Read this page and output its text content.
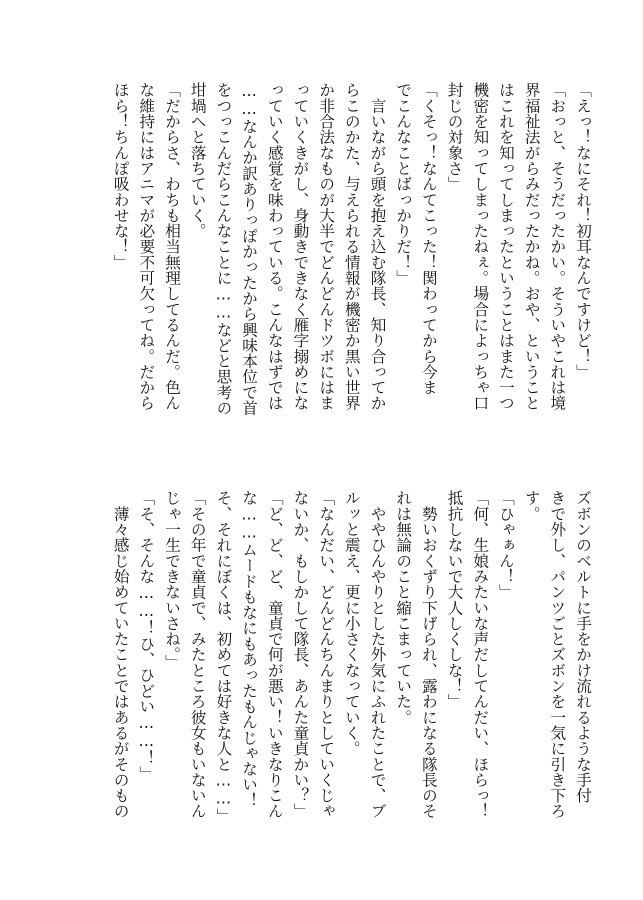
「えっ！なにそれ！初耳なんですけど！」
「おっと、そうだったかい。そういやこれは境
界福祉法がらみだったかね。おや、ということ
はこれを知ってしまったということはまた一つ
機密を知ってしまったねぇ。場合によっちゃ口
封じの対象さ」
「くそっ！なんてこった！関わってから今ま
でこんなことばっかりだ！」
　言いながら頭を抱え込む隊長、知り合ってか
らこのかた、与えられる情報が機密か黒い世界
か非合法なものが大半でどんどんドツボにはま
っていくきがし、身動きできなく雁字搦めにな
っていく感覚を味わっている。こんなはずでは
……なんか訳ありっぽかったから興味本位で首
をつっこんだらこんなことに……などと思考の
坩堝へと落ちていく。
「だからさ、わちも相当無理してるんだ。色ん
な維持にはアニマが必要不可欠ってね。だから
ほら！ちんぽ吸わせな！」
ズボンのベルトに手をかけ流れるような手付
きで外し、パンツごとズボンを一気に引き下ろ
す。
「ひゃぁん！」
「何、生娘みたいな声だしてんだい、ほらっ！
抵抗しないで大人しくしな！」
　勢いおくずり下げられ、露わになる隊長のそ
れは無論のこと縮こまっていた。
　ややひんやりとした外気にふれたことで、ブ
ルッと震え、更に小さくなっていく。
「なんだい、どんどんちんまりとしていくじゃ
ないか、もしかして隊長、あんた童貞かい？」
「ど、ど、ど、童貞で何が悪い！いきなりこん
な……ムードもなにもあったもんじゃない！
そ、それにぼくは、初めては好きな人と……」
「その年で童貞で、みたところ彼女もいないん
じゃ一生できないさね。」
「そ、そんな……！ひ、ひどい……！」
　薄々感じ始めていたことではあるがそのもの
